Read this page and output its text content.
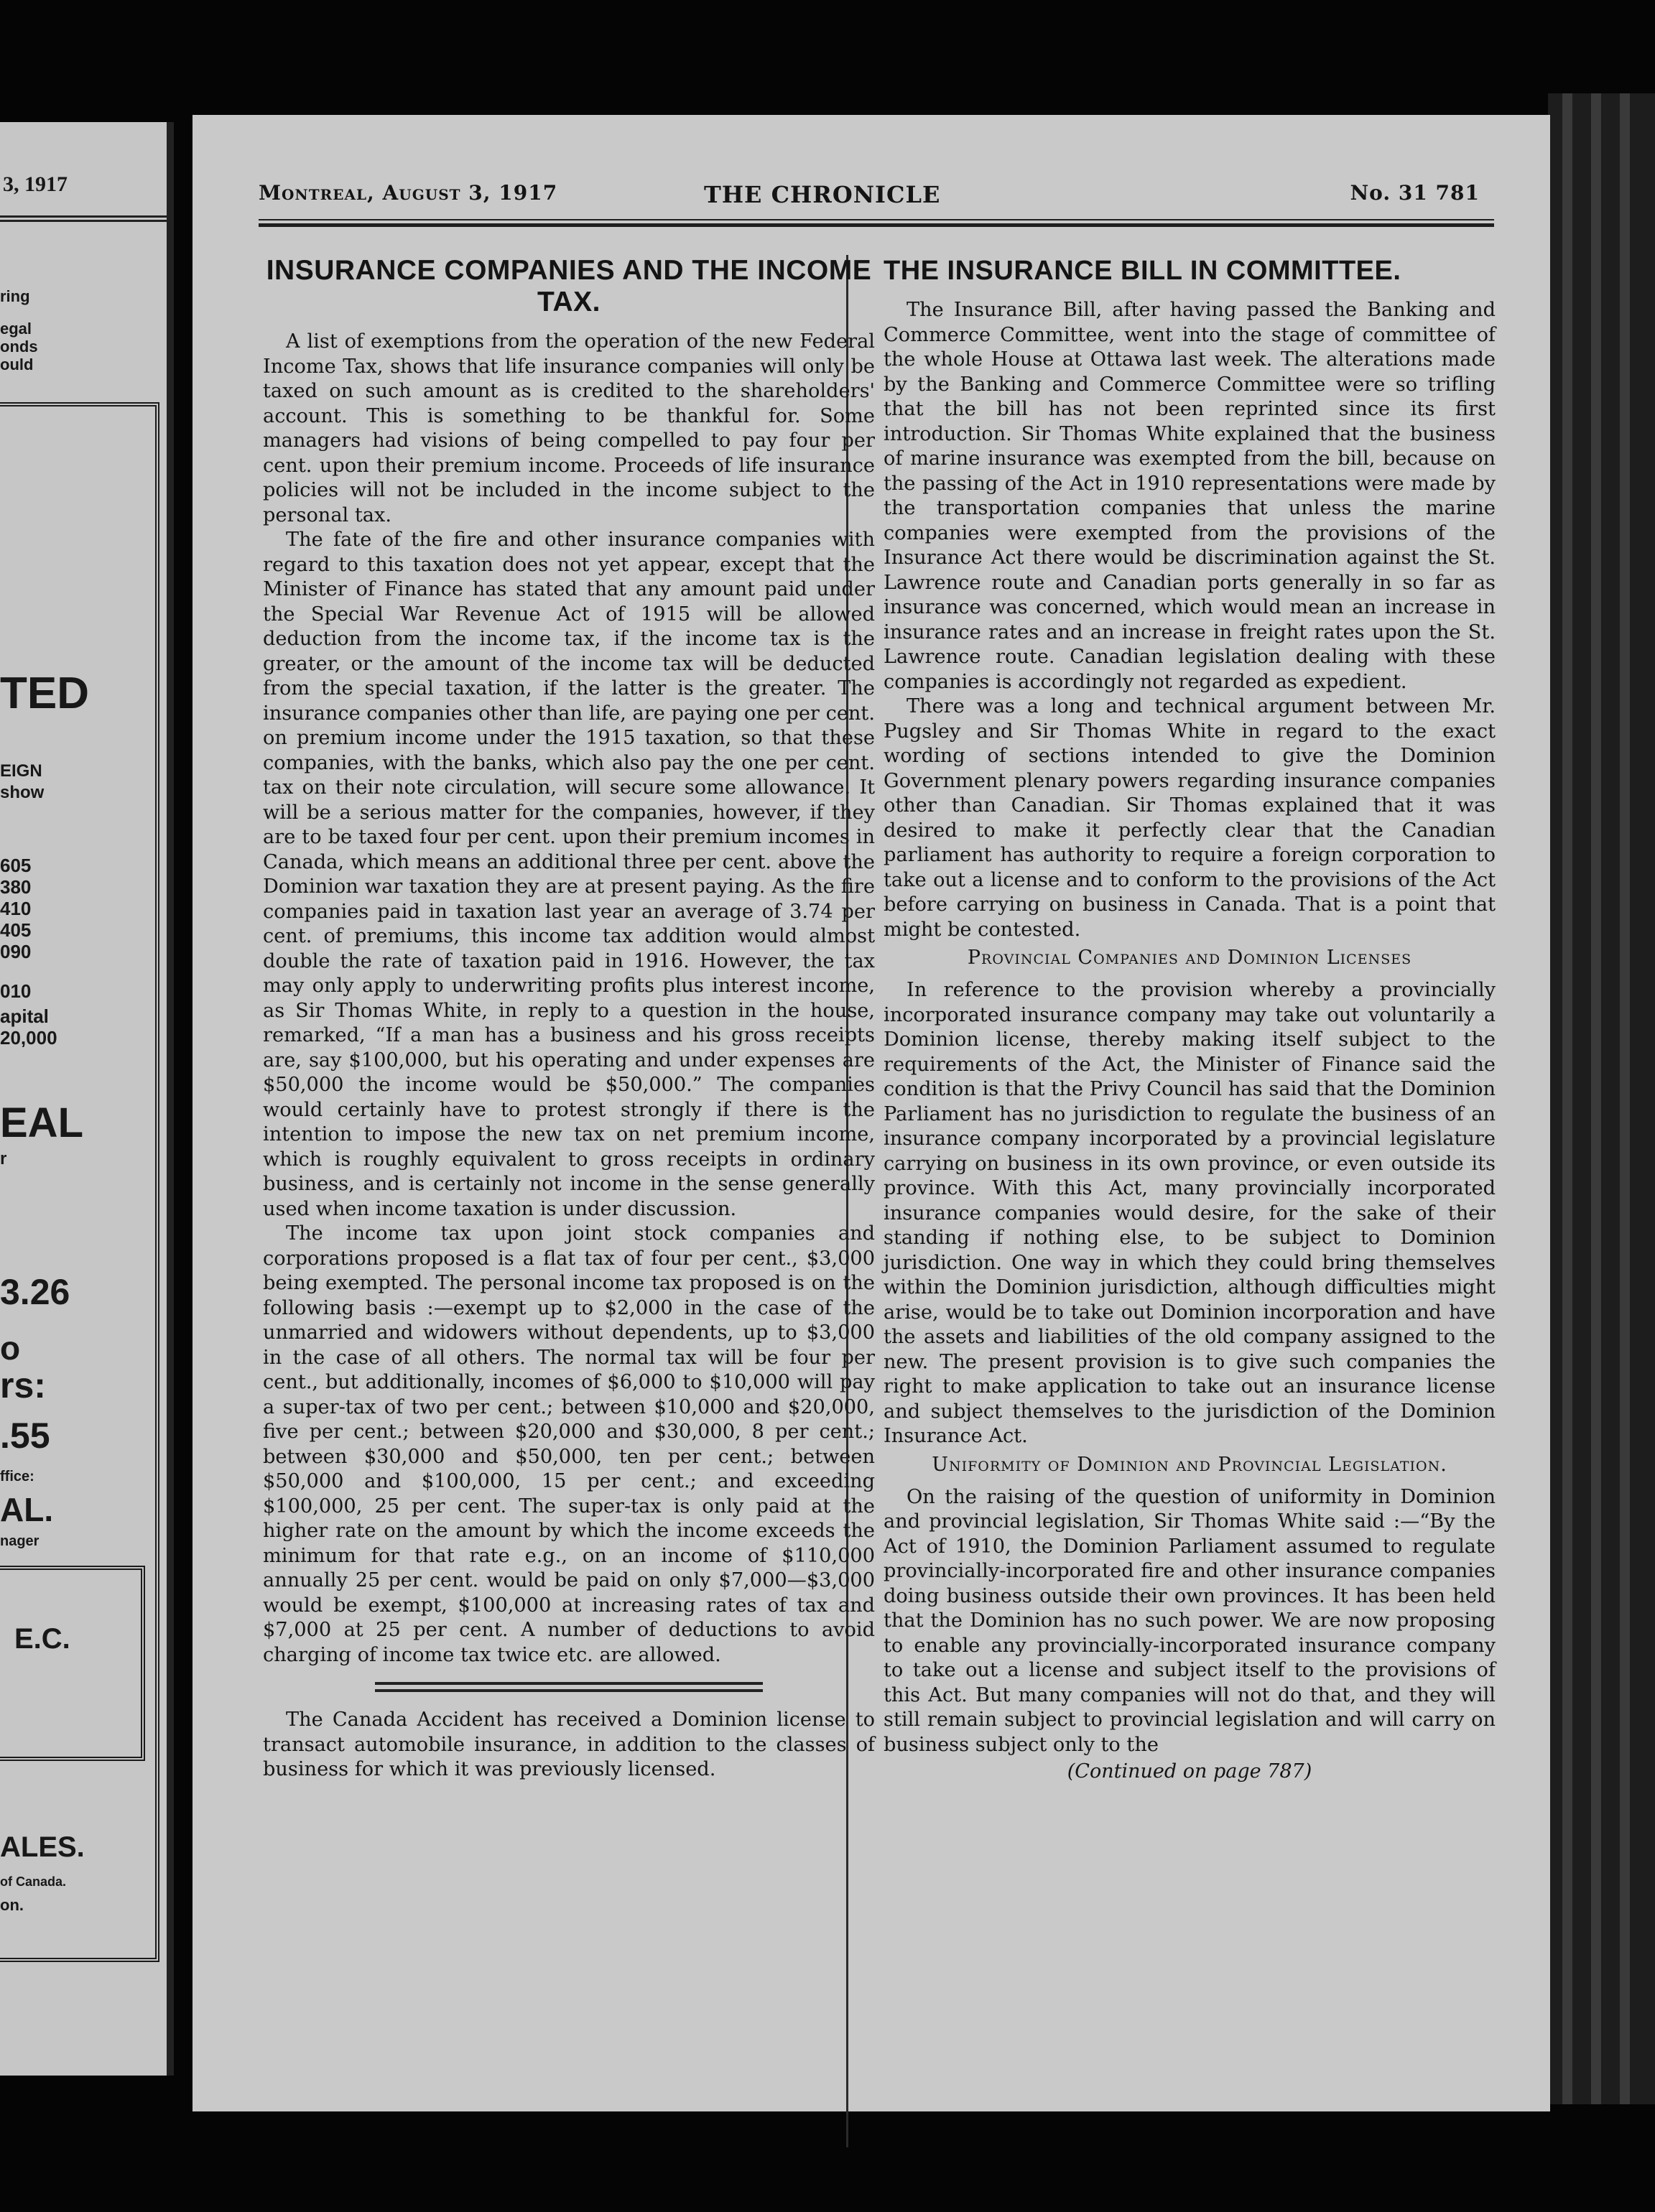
3, 1917
ring
egal
onds
ould
TED
EIGN
show
605
380
410
405
090
010
apital
20,000
EAL
r
3.26
o
rs:
.55
ffice:
AL.
nager
E.C.
ALES.
of Canada.
on.
Montreal, August 3, 1917	THE CHRONICLE	No. 31 781
INSURANCE COMPANIES AND THE INCOME TAX.

A list of exemptions from the operation of the new Federal Income Tax, shows that life insurance companies will only be taxed on such amount as is credited to the shareholders' account. This is something to be thankful for. Some managers had visions of being compelled to pay four per cent. upon their premium income. Proceeds of life insurance policies will not be included in the income subject to the personal tax.

The fate of the fire and other insurance companies with regard to this taxation does not yet appear, except that the Minister of Finance has stated that any amount paid under the Special War Revenue Act of 1915 will be allowed deduction from the income tax, if the income tax is the greater, or the amount of the income tax will be deducted from the special taxation, if the latter is the greater. The insurance companies other than life, are paying one per cent. on premium income under the 1915 taxation, so that these companies, with the banks, which also pay the one per cent. tax on their note circulation, will secure some allowance. It will be a serious matter for the companies, however, if they are to be taxed four per cent. upon their premium incomes in Canada, which means an additional three per cent. above the Dominion war taxation they are at present paying. As the fire companies paid in taxation last year an average of 3.74 per cent. of premiums, this income tax addition would almost double the rate of taxation paid in 1916. However, the tax may only apply to underwriting profits plus interest income, as Sir Thomas White, in reply to a question in the house, remarked, “If a man has a business and his gross receipts are, say $100,000, but his operating and under expenses are $50,000 the income would be $50,000.” The companies would certainly have to protest strongly if there is the intention to impose the new tax on net premium income, which is roughly equivalent to gross receipts in ordinary business, and is certainly not income in the sense generally used when income taxation is under discussion.

The income tax upon joint stock companies and corporations proposed is a flat tax of four per cent., $3,000 being exempted. The personal income tax proposed is on the following basis :—exempt up to $2,000 in the case of the unmarried and widowers without dependents, up to $3,000 in the case of all others. The normal tax will be four per cent., but additionally, incomes of $6,000 to $10,000 will pay a super-tax of two per cent.; between $10,000 and $20,000, five per cent.; between $20,000 and $30,000, 8 per cent.; between $30,000 and $50,000, ten per cent.; between $50,000 and $100,000, 15 per cent.; and exceeding $100,000, 25 per cent. The super-tax is only paid at the higher rate on the amount by which the income exceeds the minimum for that rate e.g., on an income of $110,000 annually 25 per cent. would be paid on only $7,000—$3,000 would be exempt, $100,000 at increasing rates of tax and $7,000 at 25 per cent. A number of deductions to avoid charging of income tax twice etc. are allowed.

The Canada Accident has received a Dominion license to transact automobile insurance, in addition to the classes of business for which it was previously licensed.

THE INSURANCE BILL IN COMMITTEE.

The Insurance Bill, after having passed the Banking and Commerce Committee, went into the stage of committee of the whole House at Ottawa last week. The alterations made by the Banking and Commerce Committee were so trifling that the bill has not been reprinted since its first introduction. Sir Thomas White explained that the business of marine insurance was exempted from the bill, because on the passing of the Act in 1910 representations were made by the transportation companies that unless the marine companies were exempted from the provisions of the Insurance Act there would be discrimination against the St. Lawrence route and Canadian ports generally in so far as insurance was concerned, which would mean an increase in insurance rates and an increase in freight rates upon the St. Lawrence route. Canadian legislation dealing with these companies is accordingly not regarded as expedient.

There was a long and technical argument between Mr. Pugsley and Sir Thomas White in regard to the exact wording of sections intended to give the Dominion Government plenary powers regarding insurance companies other than Canadian. Sir Thomas explained that it was desired to make it perfectly clear that the Canadian parliament has authority to require a foreign corporation to take out a license and to conform to the provisions of the Act before carrying on business in Canada. That is a point that might be contested.

Provincial Companies and Dominion Licenses

In reference to the provision whereby a provincially incorporated insurance company may take out voluntarily a Dominion license, thereby making itself subject to the requirements of the Act, the Minister of Finance said the condition is that the Privy Council has said that the Dominion Parliament has no jurisdiction to regulate the business of an insurance company incorporated by a provincial legislature carrying on business in its own province, or even outside its province. With this Act, many provincially incorporated insurance companies would desire, for the sake of their standing if nothing else, to be subject to Dominion jurisdiction. One way in which they could bring themselves within the Dominion jurisdiction, although difficulties might arise, would be to take out Dominion incorporation and have the assets and liabilities of the old company assigned to the new. The present provision is to give such companies the right to make application to take out an insurance license and subject themselves to the jurisdiction of the Dominion Insurance Act.

Uniformity of Dominion and Provincial Legislation.

On the raising of the question of uniformity in Dominion and provincial legislation, Sir Thomas White said :—“By the Act of 1910, the Dominion Parliament assumed to regulate provincially-incorporated fire and other insurance companies doing business outside their own provinces. It has been held that the Dominion has no such power. We are now proposing to enable any provincially-incorporated insurance company to take out a license and subject itself to the provisions of this Act. But many companies will not do that, and they will still remain subject to provincial legislation and will carry on business subject only to the

(Continued on page 787)
